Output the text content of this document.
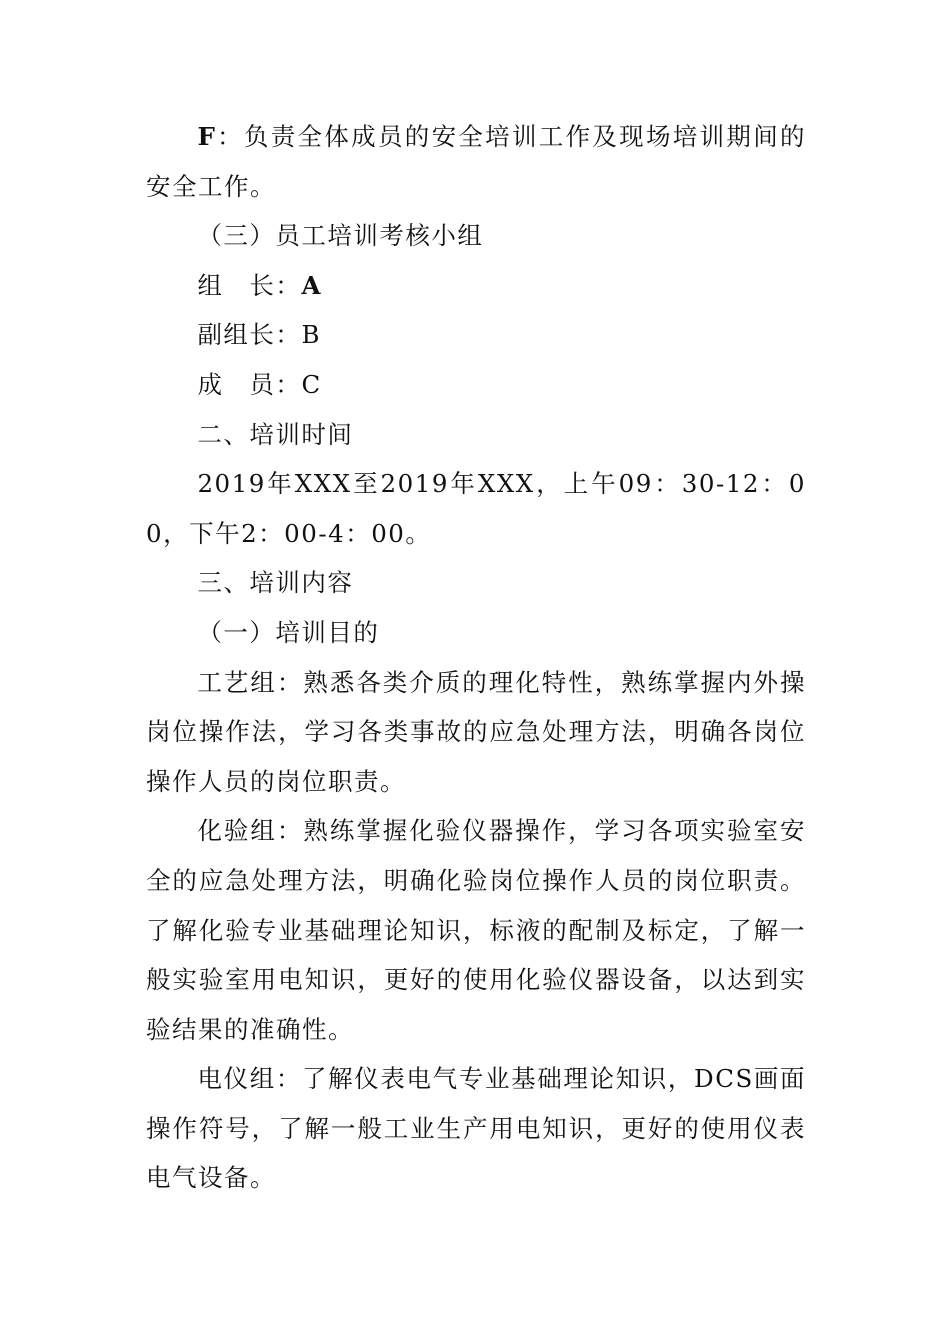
F：负责全体成员的安全培训工作及现场培训期间的安全工作。

（三）员工培训考核小组

组　长：A

副组长：B

成　员：C

二、培训时间

2019年XXX至2019年XXX，上午09：30-12：00，下午2：00-4：00。

三、培训内容

（一）培训目的

工艺组：熟悉各类介质的理化特性，熟练掌握内外操岗位操作法，学习各类事故的应急处理方法，明确各岗位操作人员的岗位职责。

化验组：熟练掌握化验仪器操作，学习各项实验室安全的应急处理方法，明确化验岗位操作人员的岗位职责。了解化验专业基础理论知识，标液的配制及标定，了解一般实验室用电知识，更好的使用化验仪器设备，以达到实验结果的准确性。

电仪组：了解仪表电气专业基础理论知识，DCS画面操作符号，了解一般工业生产用电知识，更好的使用仪表电气设备。
